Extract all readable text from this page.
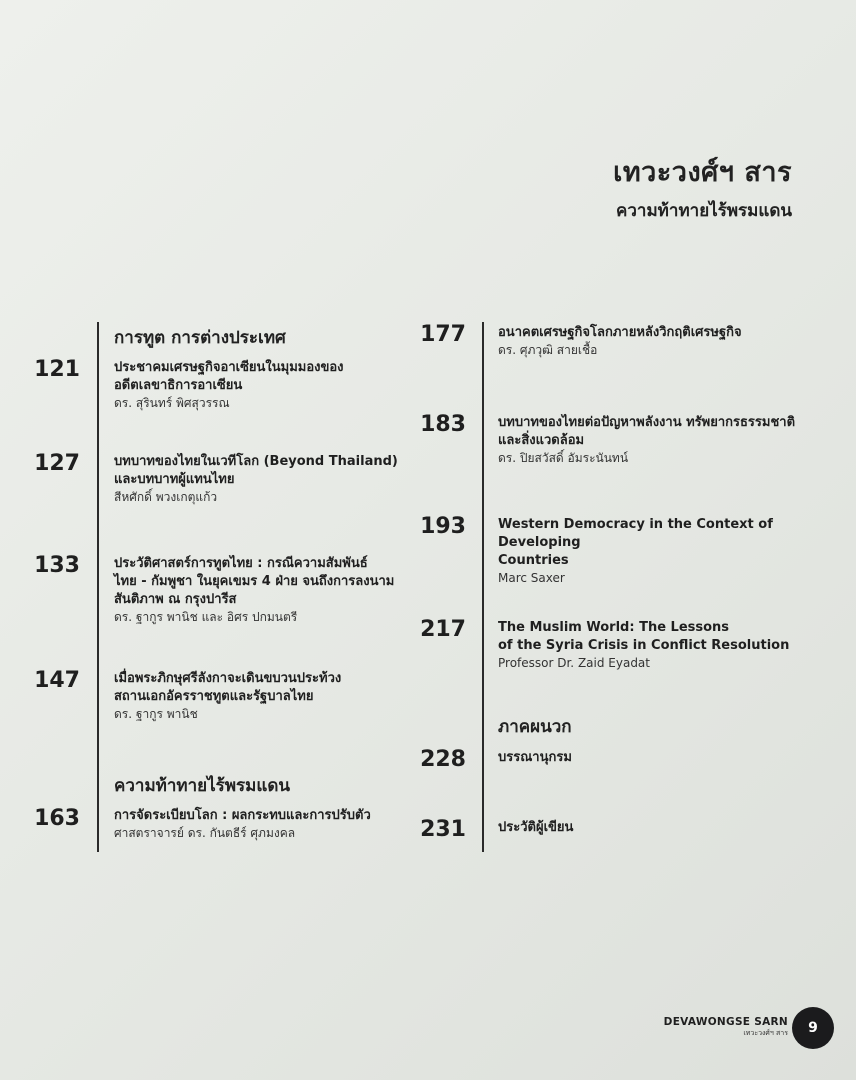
เทวะวงศ์ฯ สาร
ความท้าทายไร้พรมแดน
การทูต การต่างประเทศ
121	ประชาคมเศรษฐกิจอาเซียนในมุมมองของ
อดีตเลขาธิการอาเซียน
ดร. สุรินทร์ พิศสุวรรณ
127	บทบาทของไทยในเวทีโลก (Beyond Thailand)
และบทบาทผู้แทนไทย
สีหศักดิ์ พวงเกตุแก้ว
133	ประวัติศาสตร์การทูตไทย : กรณีความสัมพันธ์
ไทย - กัมพูชา ในยุคเขมร 4 ฝ่าย จนถึงการลงนาม
สันติภาพ ณ กรุงปารีส
ดร. ฐากูร พานิช และ อิศร ปกมนตรี
147	เมื่อพระภิกษุศรีลังกาจะเดินขบวนประท้วง
สถานเอกอัครราชทูตและรัฐบาลไทย
ดร. ฐากูร พานิช
ความท้าทายไร้พรมแดน
163	การจัดระเบียบโลก : ผลกระทบและการปรับตัว
ศาสตราจารย์ ดร. กันตธีร์ ศุภมงคล
177 อนาคตเศรษฐกิจโลกภายหลังวิกฤติเศรษฐกิจ
ดร. ศุภวุฒิ สายเชื้อ
183 บทบาทของไทยต่อปัญหาพลังงาน ทรัพยากรธรรมชาติ
และสิ่งแวดล้อม
ดร. ปิยสวัสดิ์ อัมระนันทน์
193 Western Democracy in the Context of Developing
Countries
Marc Saxer
217 The Muslim World: The Lessons
of the Syria Crisis in Conflict Resolution
Professor Dr. Zaid Eyadat
ภาคผนวก
228 บรรณานุกรม
231 ประวัติผู้เขียน
DEVAWONGSE SARN
เทวะวงศ์ฯ สาร	9
